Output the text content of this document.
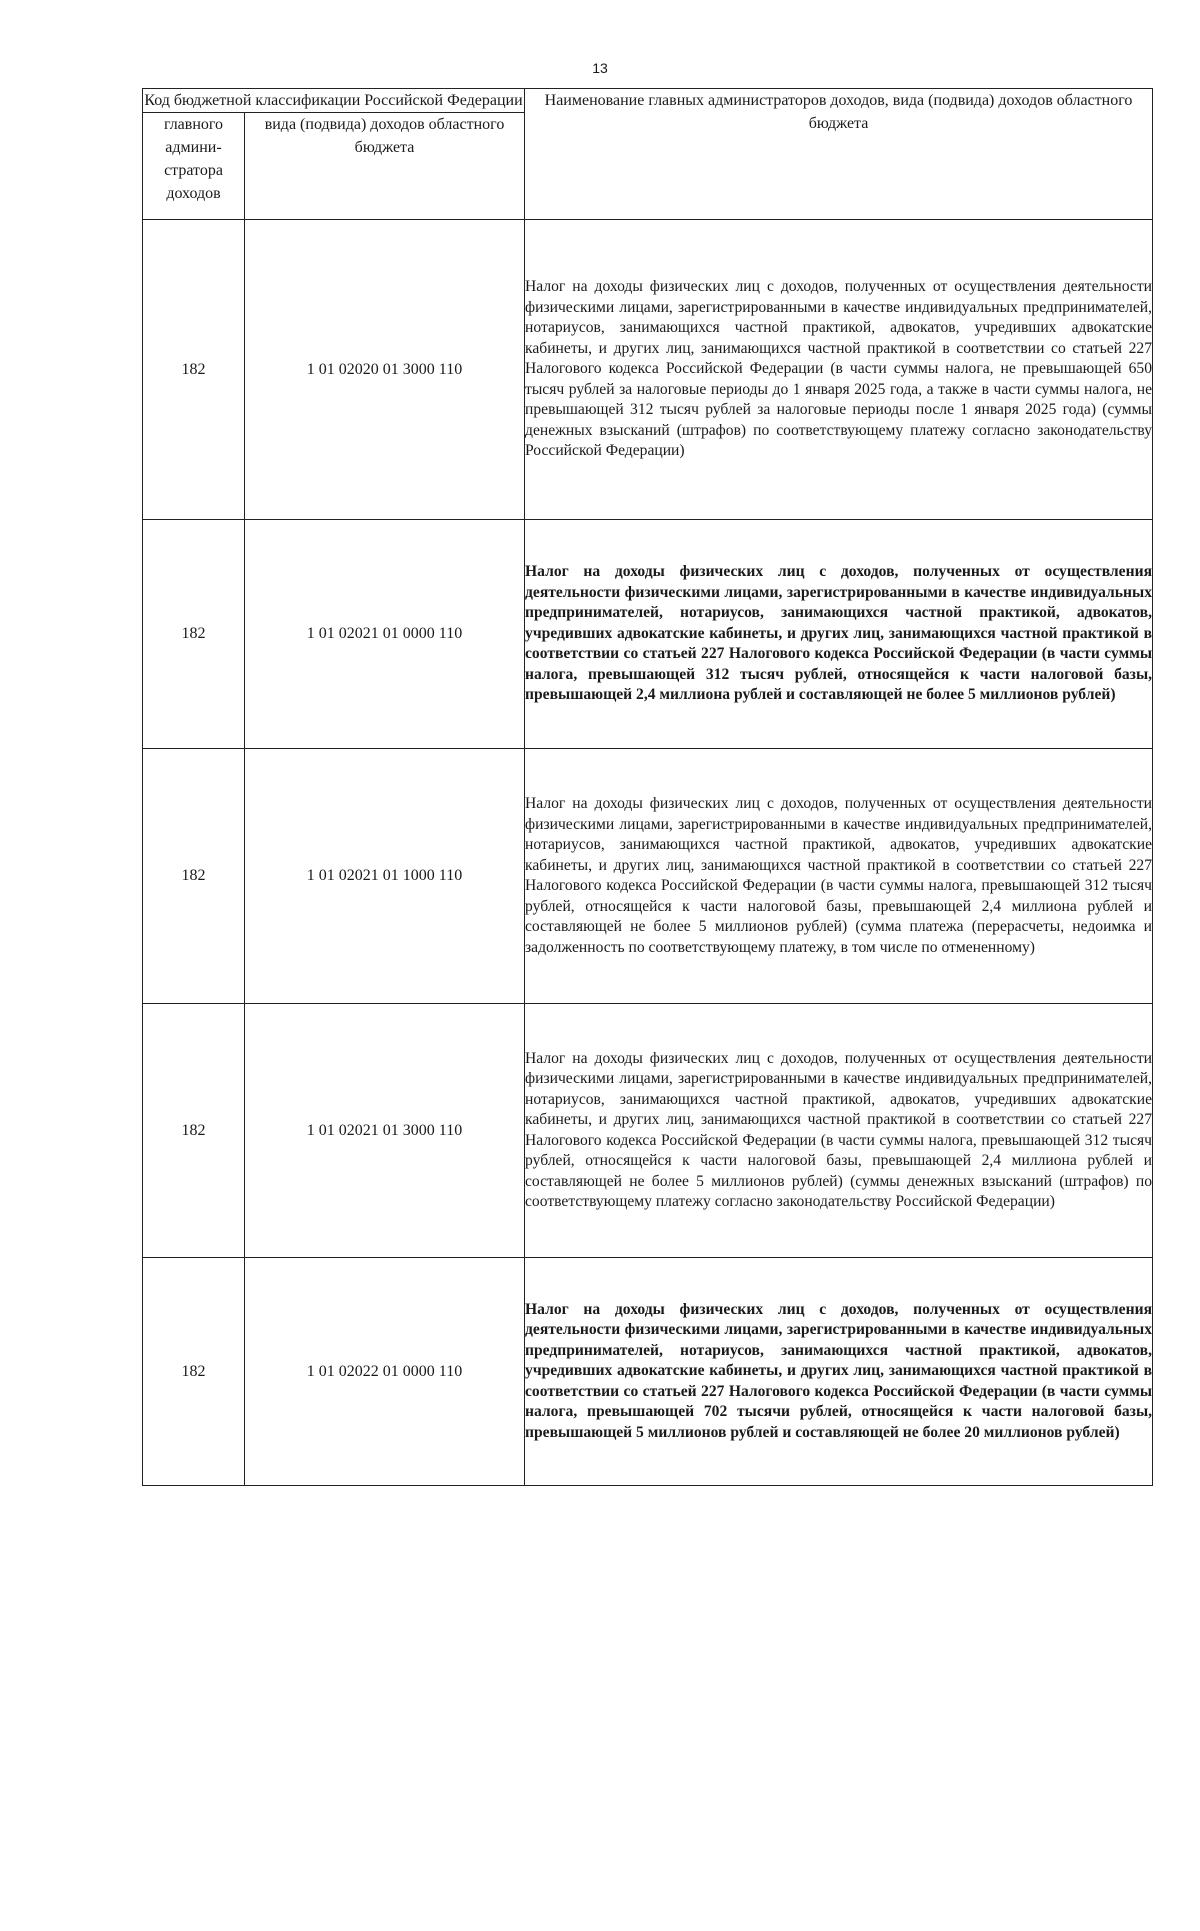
13
Код бюджетной классификации Российской Федерации		Наименование главных администраторов доходов, вида (подвида) доходов областного бюджета
главного админи-стратора доходов	вида (подвида) доходов областного бюджета	
182	1 01 02020 01 3000 110	Налог на доходы физических лиц с доходов, полученных от осуществления деятельности физическими лицами, зарегистрированными в качестве индивидуальных предпринимателей, нотариусов, занимающихся частной практикой, адвокатов, учредивших адвокатские кабинеты, и других лиц, занимающихся частной практикой в соответствии со статьей 227 Налогового кодекса Российской Федерации (в части суммы налога, не превышающей 650 тысяч рублей за налоговые периоды до 1 января 2025 года, а также в части суммы налога, не превышающей 312 тысяч рублей за налоговые периоды после 1 января 2025 года) (суммы денежных взысканий (штрафов) по соответствующему платежу согласно законодательству Российской Федерации)

182	1 01 02021 01 0000 110	Налог на доходы физических лиц с доходов, полученных от осуществления деятельности физическими лицами, зарегистрированными в качестве индивидуальных предпринимателей, нотариусов, занимающихся частной практикой, адвокатов, учредивших адвокатские кабинеты, и других лиц, занимающихся частной практикой в соответствии со статьей 227 Налогового кодекса Российской Федерации (в части суммы налога, превышающей 312 тысяч рублей, относящейся к части налоговой базы, превышающей 2,4 миллиона рублей и составляющей не более 5 миллионов рублей)

182	1 01 02021 01 1000 110	Налог на доходы физических лиц с доходов, полученных от осуществления деятельности физическими лицами, зарегистрированными в качестве индивидуальных предпринимателей, нотариусов, занимающихся частной практикой, адвокатов, учредивших адвокатские кабинеты, и других лиц, занимающихся частной практикой в соответствии со статьей 227 Налогового кодекса Российской Федерации (в части суммы налога, превышающей 312 тысяч рублей, относящейся к части налоговой базы, превышающей 2,4 миллиона рублей и составляющей не более 5 миллионов рублей) (сумма платежа (перерасчеты, недоимка и задолженность по соответствующему платежу, в том числе по отмененному)

182	1 01 02021 01 3000 110	Налог на доходы физических лиц с доходов, полученных от осуществления деятельности физическими лицами, зарегистрированными в качестве индивидуальных предпринимателей, нотариусов, занимающихся частной практикой, адвокатов, учредивших адвокатские кабинеты, и других лиц, занимающихся частной практикой в соответствии со статьей 227 Налогового кодекса Российской Федерации (в части суммы налога, превышающей 312 тысяч рублей, относящейся к части налоговой базы, превышающей 2,4 миллиона рублей и составляющей не более 5 миллионов рублей) (суммы денежных взысканий (штрафов) по соответствующему платежу согласно законодательству Российской Федерации)

182	1 01 02022 01 0000 110	Налог на доходы физических лиц с доходов, полученных от осуществления деятельности физическими лицами, зарегистрированными в качестве индивидуальных предпринимателей, нотариусов, занимающихся частной практикой, адвокатов, учредивших адвокатские кабинеты, и других лиц, занимающихся частной практикой в соответствии со статьей 227 Налогового кодекса Российской Федерации (в части суммы налога, превышающей 702 тысячи рублей, относящейся к части налоговой базы, превышающей 5 миллионов рублей и составляющей не более 20 миллионов рублей)
